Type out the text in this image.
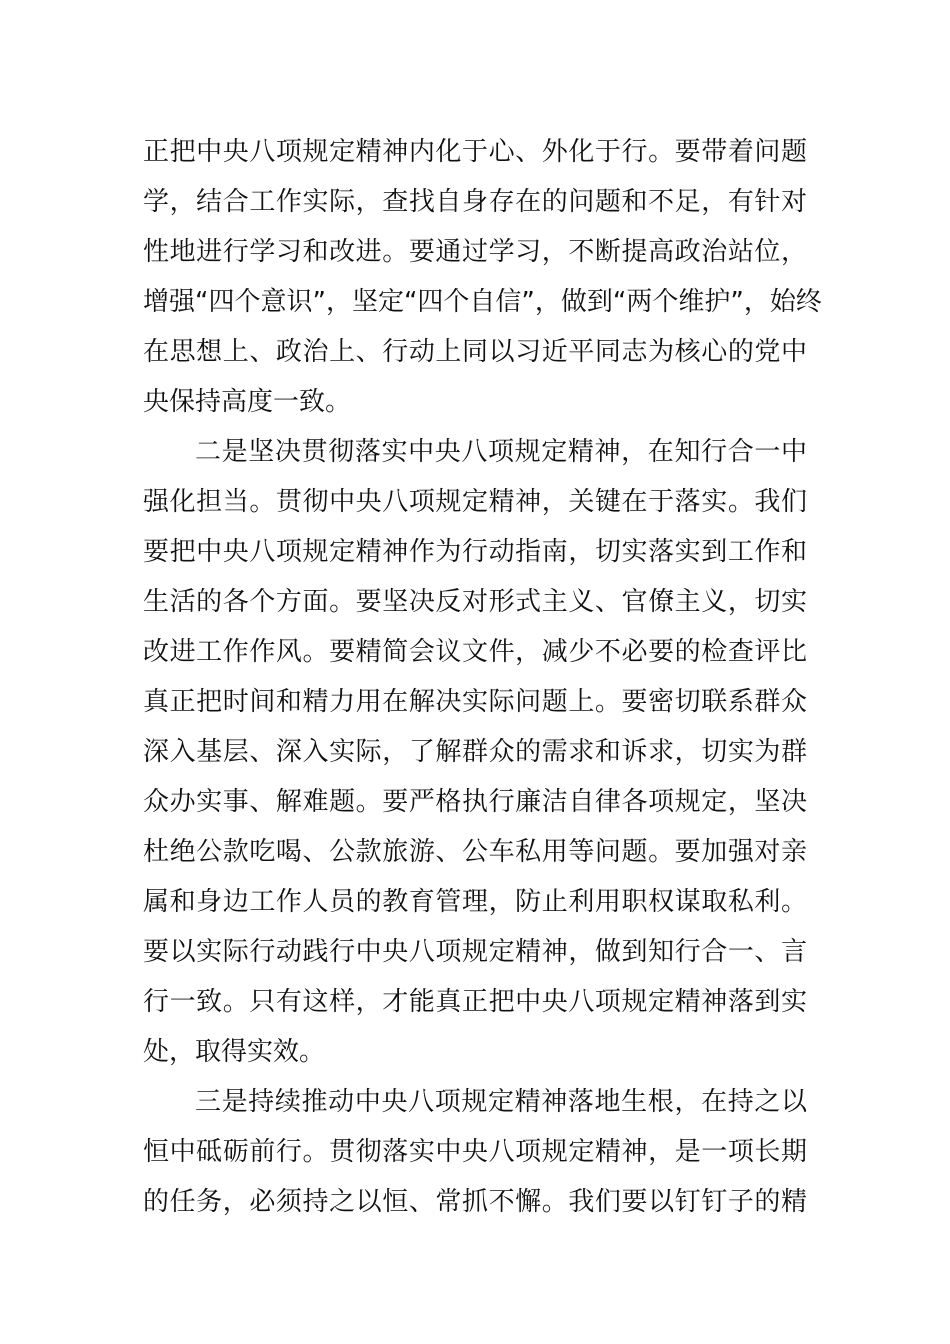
正把中央八项规定精神内化于心、外化于行。要带着问题
学，结合工作实际，查找自身存在的问题和不足，有针对
性地进行学习和改进。要通过学习，不断提高政治站位，
增强“四个意识”，坚定“四个自信”，做到“两个维护”，始终
在思想上、政治上、行动上同以习近平同志为核心的党中
央保持高度一致。
二是坚决贯彻落实中央八项规定精神，在知行合一中
强化担当。贯彻中央八项规定精神，关键在于落实。我们
要把中央八项规定精神作为行动指南，切实落实到工作和
生活的各个方面。要坚决反对形式主义、官僚主义，切实
改进工作作风。要精简会议文件，减少不必要的检查评比
真正把时间和精力用在解决实际问题上。要密切联系群众
深入基层、深入实际，了解群众的需求和诉求，切实为群
众办实事、解难题。要严格执行廉洁自律各项规定，坚决
杜绝公款吃喝、公款旅游、公车私用等问题。要加强对亲
属和身边工作人员的教育管理，防止利用职权谋取私利。
要以实际行动践行中央八项规定精神，做到知行合一、言
行一致。只有这样，才能真正把中央八项规定精神落到实
处，取得实效。
三是持续推动中央八项规定精神落地生根，在持之以
恒中砥砺前行。贯彻落实中央八项规定精神，是一项长期
的任务，必须持之以恒、常抓不懈。我们要以钉钉子的精
